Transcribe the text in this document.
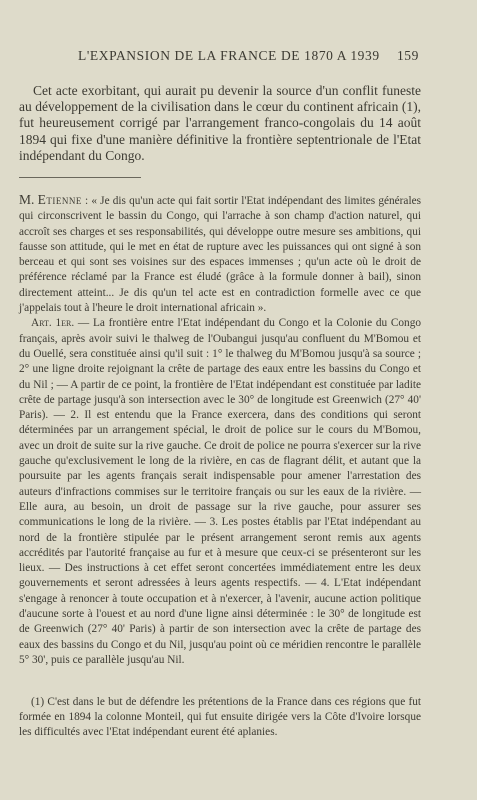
L'EXPANSION DE LA FRANCE DE 1870 A 1939 159

Cet acte exorbitant, qui aurait pu devenir la source d'un conflit funeste au développement de la civilisation dans le cœur du continent africain (1), fut heureusement corrigé par l'arrangement franco-congolais du 14 août 1894 qui fixe d'une manière définitive la frontière septentrionale de l'Etat indépendant du Congo.

M. Etienne : « Je dis qu'un acte qui fait sortir l'Etat indépendant des limites générales qui circonscrivent le bassin du Congo, qui l'arrache à son champ d'action naturel, qui accroît ses charges et ses responsabilités, qui développe outre mesure ses ambitions, qui fausse son attitude, qui le met en état de rupture avec les puissances qui ont signé à son berceau et qui sont ses voisines sur des espaces immenses ; qu'un acte où le droit de préférence réclamé par la France est éludé (grâce à la formule donner à bail), sinon directement atteint... Je dis qu'un tel acte est en contradiction formelle avec ce que j'appelais tout à l'heure le droit international africain ».

Art. 1er. — La frontière entre l'Etat indépendant du Congo et la Colonie du Congo français, après avoir suivi le thalweg de l'Oubangui jusqu'au confluent du M'Bomou et du Ouellé, sera constituée ainsi qu'il suit : 1° le thalweg du M'Bomou jusqu'à sa source ; 2° une ligne droite rejoignant la crête de partage des eaux entre les bassins du Congo et du Nil ; — A partir de ce point, la frontière de l'Etat indépendant est constituée par ladite crête de partage jusqu'à son intersection avec le 30° de longitude est Greenwich (27° 40' Paris). — 2. Il est entendu que la France exercera, dans des conditions qui seront déterminées par un arrangement spécial, le droit de police sur le cours du M'Bomou, avec un droit de suite sur la rive gauche. Ce droit de police ne pourra s'exercer sur la rive gauche qu'exclusivement le long de la rivière, en cas de flagrant délit, et autant que la poursuite par les agents français serait indispensable pour amener l'arrestation des auteurs d'infractions commises sur le territoire français ou sur les eaux de la rivière. — Elle aura, au besoin, un droit de passage sur la rive gauche, pour assurer ses communications le long de la rivière. — 3. Les postes établis par l'Etat indépendant au nord de la frontière stipulée par le présent arrangement seront remis aux agents accrédités par l'autorité française au fur et à mesure que ceux-ci se présenteront sur les lieux. — Des instructions à cet effet seront concertées immédiatement entre les deux gouvernements et seront adressées à leurs agents respectifs. — 4. L'Etat indépendant s'engage à renoncer à toute occupation et à n'exercer, à l'avenir, aucune action politique d'aucune sorte à l'ouest et au nord d'une ligne ainsi déterminée : le 30° de longitude est de Greenwich (27° 40' Paris) à partir de son intersection avec la crête de partage des eaux des bassins du Congo et du Nil, jusqu'au point où ce méridien rencontre le parallèle 5° 30', puis ce parallèle jusqu'au Nil.

(1) C'est dans le but de défendre les prétentions de la France dans ces régions que fut formée en 1894 la colonne Monteil, qui fut ensuite dirigée vers la Côte d'Ivoire lorsque les difficultés avec l'Etat indépendant eurent été aplanies.
